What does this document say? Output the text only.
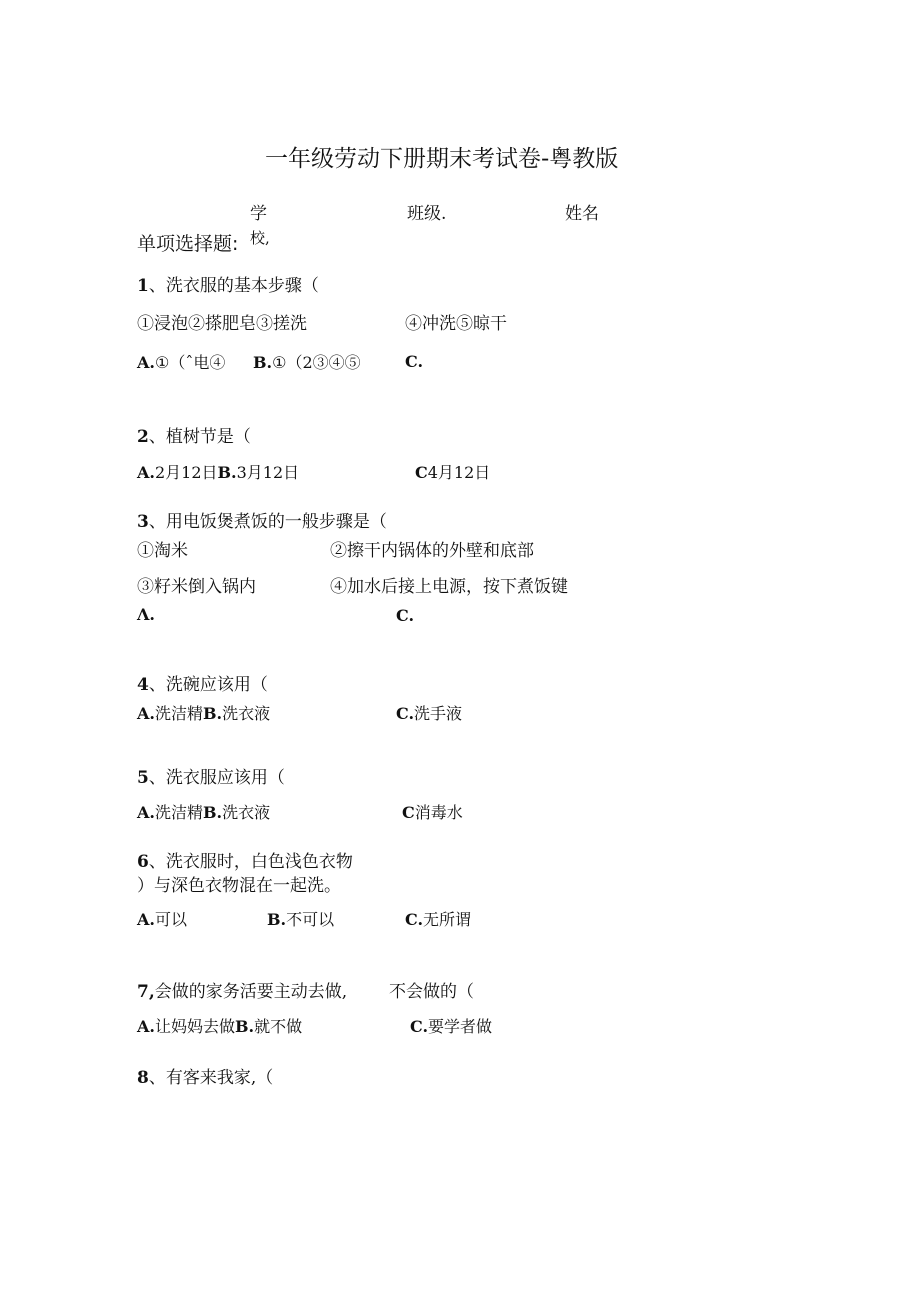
一年级劳动下册期末考试卷-粤教版
学
校,
班级.	姓名
单项选择题:
1、洗衣服的基本步骤（
①浸泡②搽肥皂③搓洗	④冲洗⑤晾干
A.①（ˆ电④ B.①（2③④⑤	C.
2、植树节是（
A.2月12日B.3月12日	C4月12日
3、用电饭煲煮饭的一般步骤是（
①淘米	②擦干内锅体的外壁和底部
③籽米倒入锅内	④加水后接上电源，按下煮饭键
Λ.	C.
4、洗碗应该用（
A.洗洁精B.洗衣液	C.洗手液
5、洗衣服应该用（
A.洗洁精B.洗衣液	C消毒水
6、洗衣服时，白色浅色衣物
）与深色衣物混在一起洗。
A.可以	B.不可以	C.无所谓
7,会做的家务活要主动去做, 不会做的（
A.让妈妈去做B.就不做	C.要学者做
8、有客来我家,（
